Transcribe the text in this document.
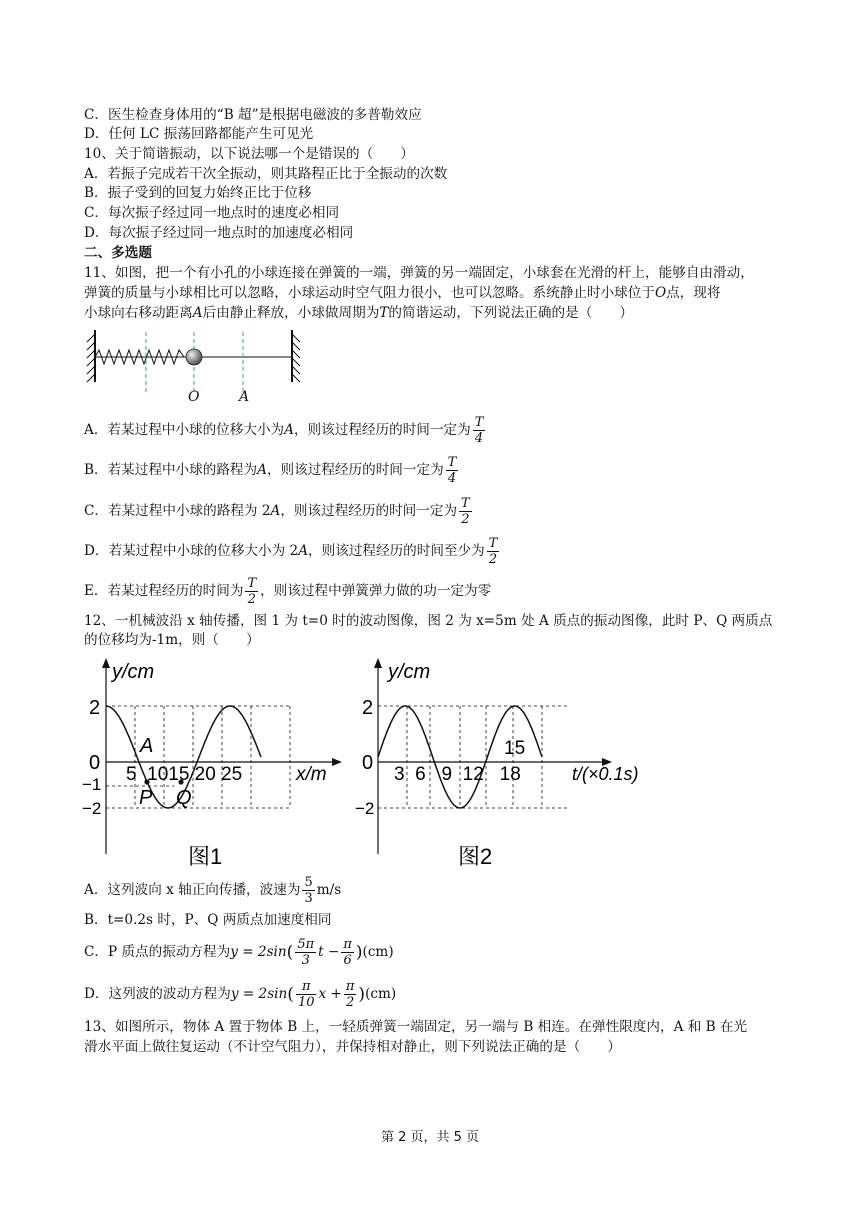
C．医生检查身体用的“B 超”是根据电磁波的多普勒效应
D．任何 LC 振荡回路都能产生可见光
10、关于简谐振动，以下说法哪一个是错误的（　　）
A．若振子完成若干次全振动，则其路程正比于全振动的次数
B．振子受到的回复力始终正比于位移
C．每次振子经过同一地点时的速度必相同
D．每次振子经过同一地点时的加速度必相同
二、多选题
11、如图，把一个有小孔的小球连接在弹簧的一端，弹簧的另一端固定，小球套在光滑的杆上，能够自由滑动，
弹簧的质量与小球相比可以忽略，小球运动时空气阻力很小，也可以忽略。系统静止时小球位于O点，现将
小球向右移动距离A后由静止释放，小球做周期为T的简谐运动，下列说法正确的是（　　）
O	A
A．若某过程中小球的位移大小为A，则该过程经历的时间一定为 $\frac{T}{4}$
B．若某过程中小球的路程为A，则该过程经历的时间一定为 $\frac{T}{4}$
C．若某过程中小球的路程为 2A，则该过程经历的时间一定为 $\frac{T}{2}$
D．若某过程中小球的位移大小为 2A，则该过程经历的时间至少为 $\frac{T}{2}$
E．若某过程经历的时间为 $\frac{T}{2}$ ，则该过程中弹簧弹力做的功一定为零
12、一机械波沿 x 轴传播，图 1 为 t=0 时的波动图像，图 2 为 x=5m 处 A 质点的振动图像，此时 P、Q 两质点
的位移均为-1m，则（　　）
y/cm
2
0
−1
−2
5  1015 20 25	x/m
A
P Q
图1
y/cm
2
0
−2
3  6   9  12   18
15
t/(×0.1s)
图2
A．这列波向 x 轴正向传播，波速为 $\frac{5}{3} m/s$
B．t=0.2s 时，P、Q 两质点加速度相同
C．P 质点的振动方程为$y = 2\sin( \frac{5\pi}{3}$ $t - \frac{\pi}{6} )(cm)$
D．这列波的波动方程为$y = 2\sin( \frac{\pi}{10}$ $x + \frac{\pi}{2} )(cm)$
13、如图所示，物体 A 置于物体 B 上，一轻质弹簧一端固定，另一端与 B 相连。在弹性限度内，A 和 B 在光
滑水平面上做往复运动（不计空气阻力），并保持相对静止，则下列说法正确的是（　　）
第 2 页，共 5 页
